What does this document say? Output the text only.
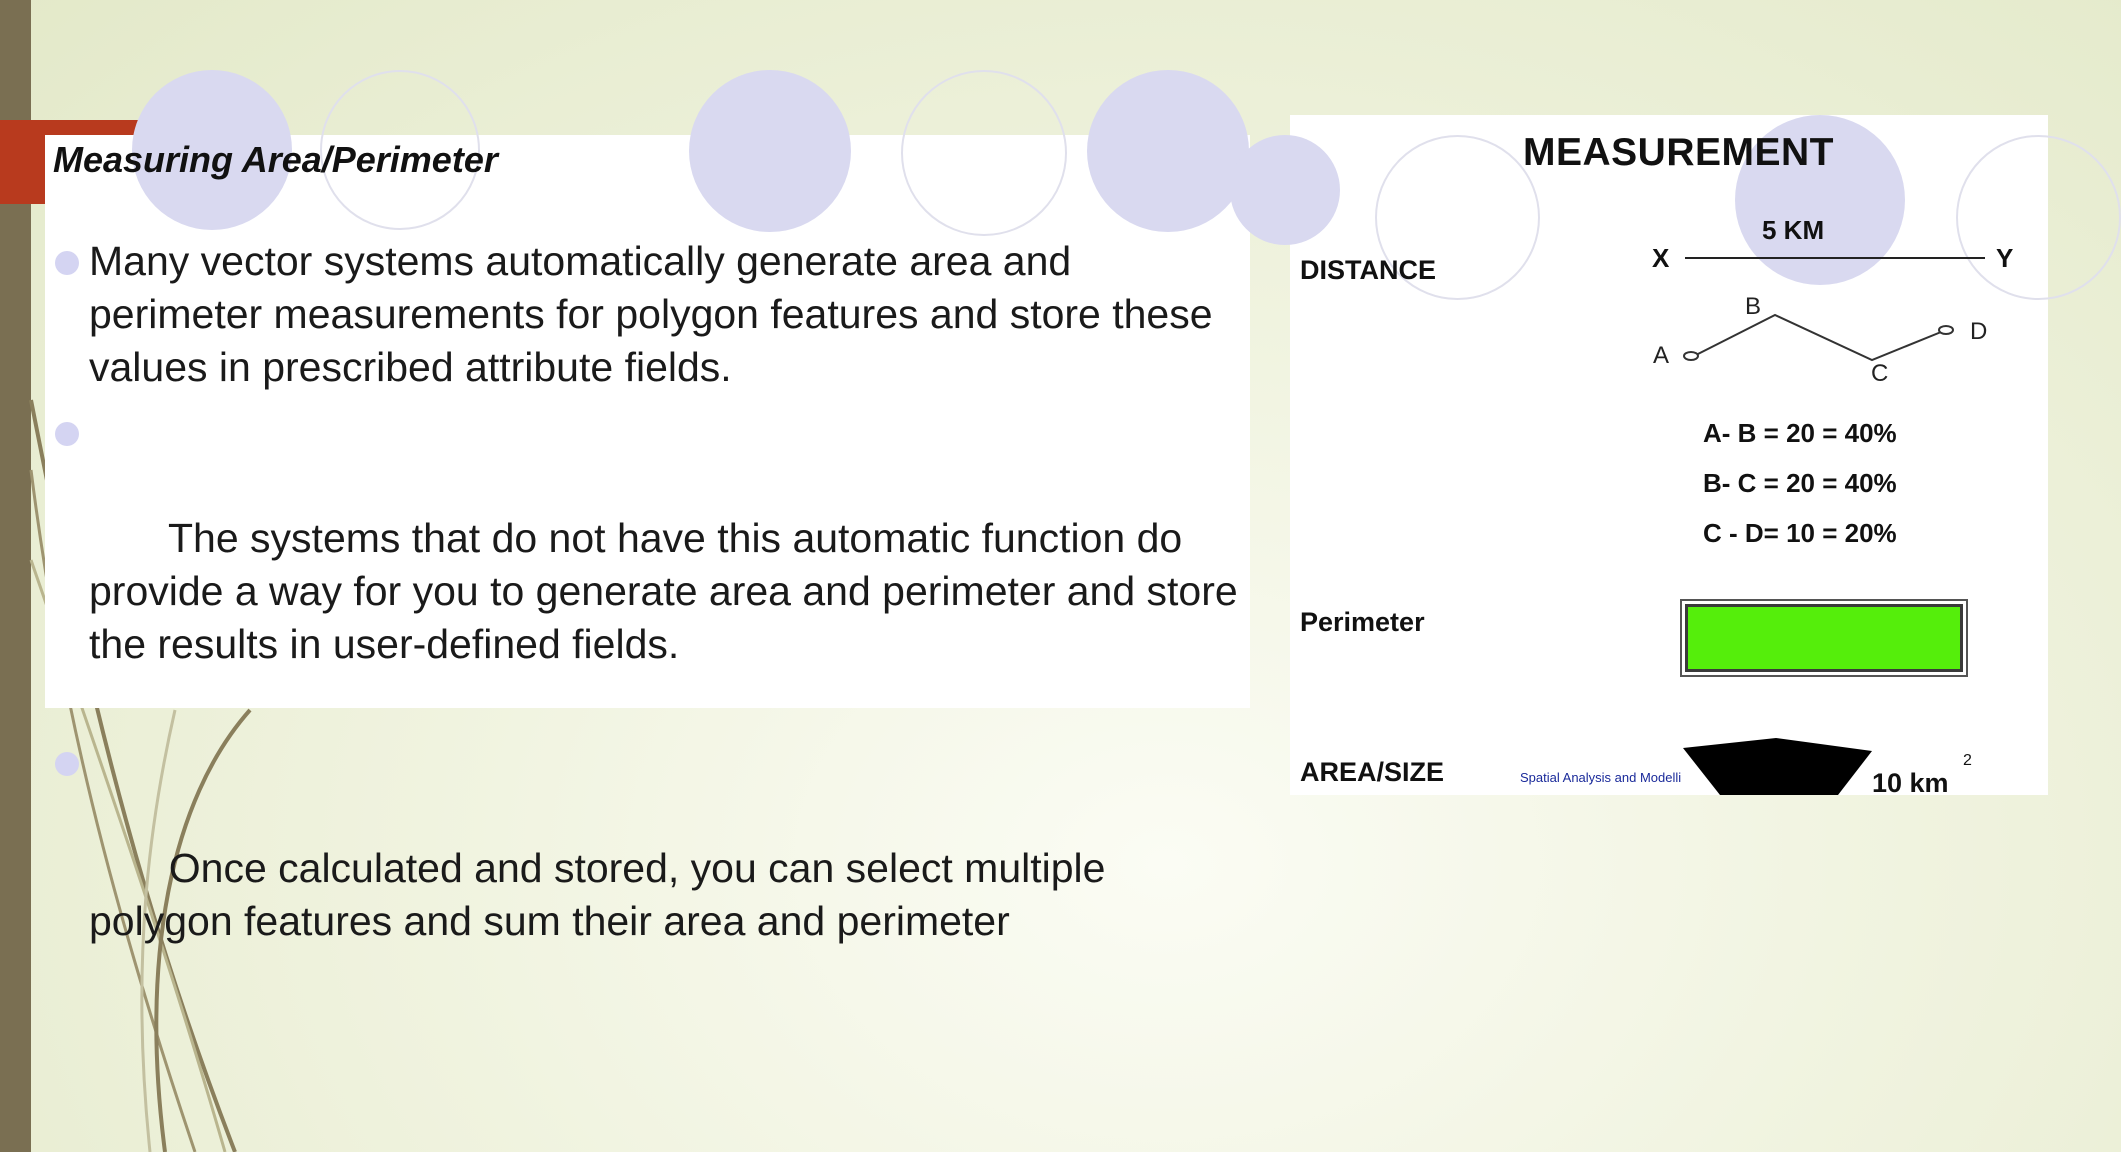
Measuring Area/Perimeter
Many vector systems automatically generate area and perimeter measurements for polygon features and store these values in prescribed attribute fields.

The systems that do not have this automatic function do provide a way for you to generate area and perimeter and store the results in user-defined fields.

Once calculated and stored, you can select multiple polygon features and sum their area and perimeter

MEASUREMENT

DISTANCE

5 KM
X	Y
A
B
C
D
A- B = 20 = 40%
B- C = 20 = 40%
C - D= 10 = 20%

Perimeter

AREA/SIZE	Spatial Analysis and Modelli	10 km
2
